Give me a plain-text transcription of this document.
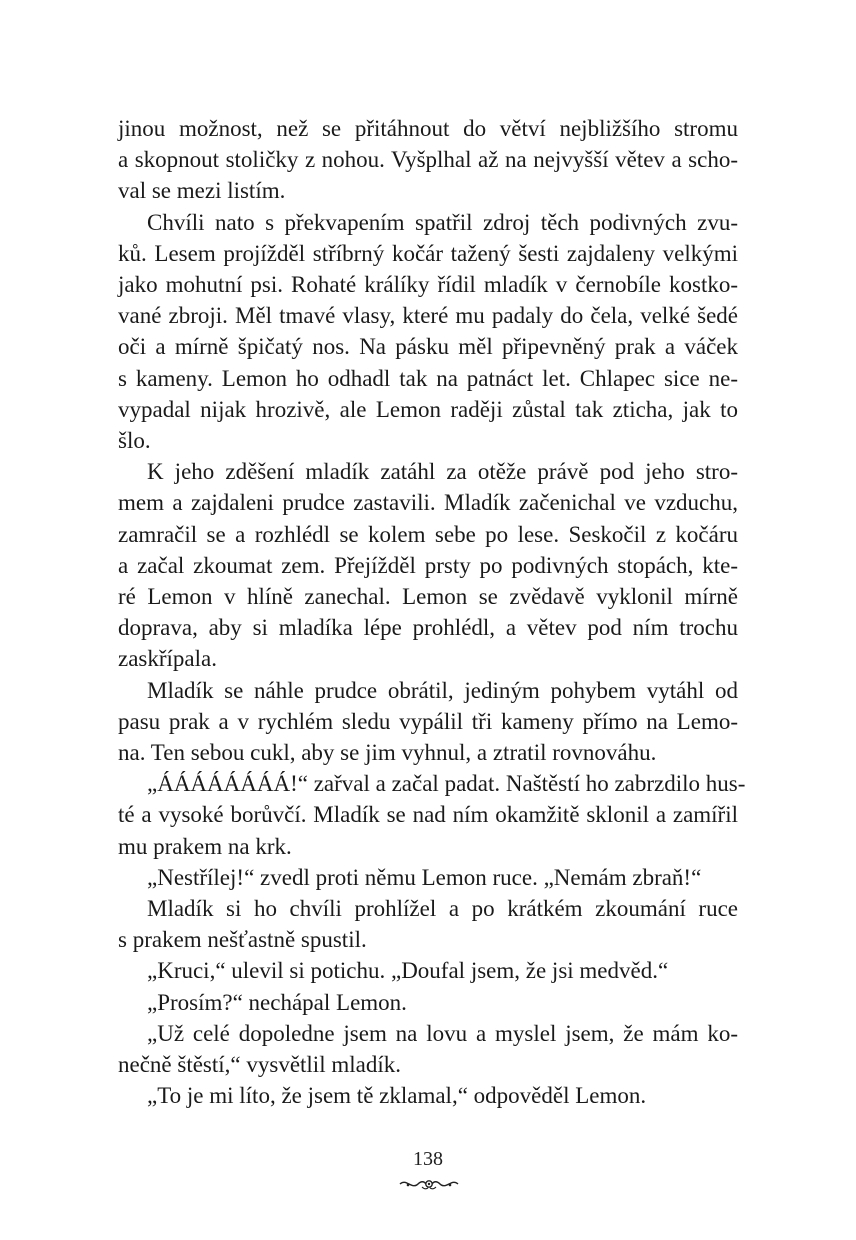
jinou možnost, než se přitáhnout do větví nejbližšího stromu
a skopnout stoličky z nohou. Vyšplhal až na nejvyšší větev a scho-
val se mezi listím.
Chvíli nato s překvapením spatřil zdroj těch podivných zvu-
ků. Lesem projížděl stříbrný kočár tažený šesti zajdaleny velkými
jako mohutní psi. Rohaté králíky řídil mladík v černobíle kostko-
vané zbroji. Měl tmavé vlasy, které mu padaly do čela, velké šedé
oči a mírně špičatý nos. Na pásku měl připevněný prak a váček
s kameny. Lemon ho odhadl tak na patnáct let. Chlapec sice ne-
vypadal nijak hrozivě, ale Lemon raději zůstal tak zticha, jak to
šlo.
K jeho zděšení mladík zatáhl za otěže právě pod jeho stro-
mem a zajdaleni prudce zastavili. Mladík začenichal ve vzduchu,
zamračil se a rozhlédl se kolem sebe po lese. Seskočil z kočáru
a začal zkoumat zem. Přejížděl prsty po podivných stopách, kte-
ré Lemon v hlíně zanechal. Lemon se zvědavě vyklonil mírně
doprava, aby si mladíka lépe prohlédl, a větev pod ním trochu
zaskřípala.
Mladík se náhle prudce obrátil, jediným pohybem vytáhl od
pasu prak a v rychlém sledu vypálil tři kameny přímo na Lemo-
na. Ten sebou cukl, aby se jim vyhnul, a ztratil rovnováhu.
„ÁÁÁÁÁÁÁÁ!“ zařval a začal padat. Naštěstí ho zabrzdilo hus-
té a vysoké borůvčí. Mladík se nad ním okamžitě sklonil a zamířil
mu prakem na krk.
„Nestřílej!“ zvedl proti němu Lemon ruce. „Nemám zbraň!“
Mladík si ho chvíli prohlížel a po krátkém zkoumání ruce
s prakem nešťastně spustil.
„Kruci,“ ulevil si potichu. „Doufal jsem, že jsi medvěd.“
„Prosím?“ nechápal Lemon.
„Už celé dopoledne jsem na lovu a myslel jsem, že mám ko-
nečně štěstí,“ vysvětlil mladík.
„To je mi líto, že jsem tě zklamal,“ odpověděl Lemon.
138
